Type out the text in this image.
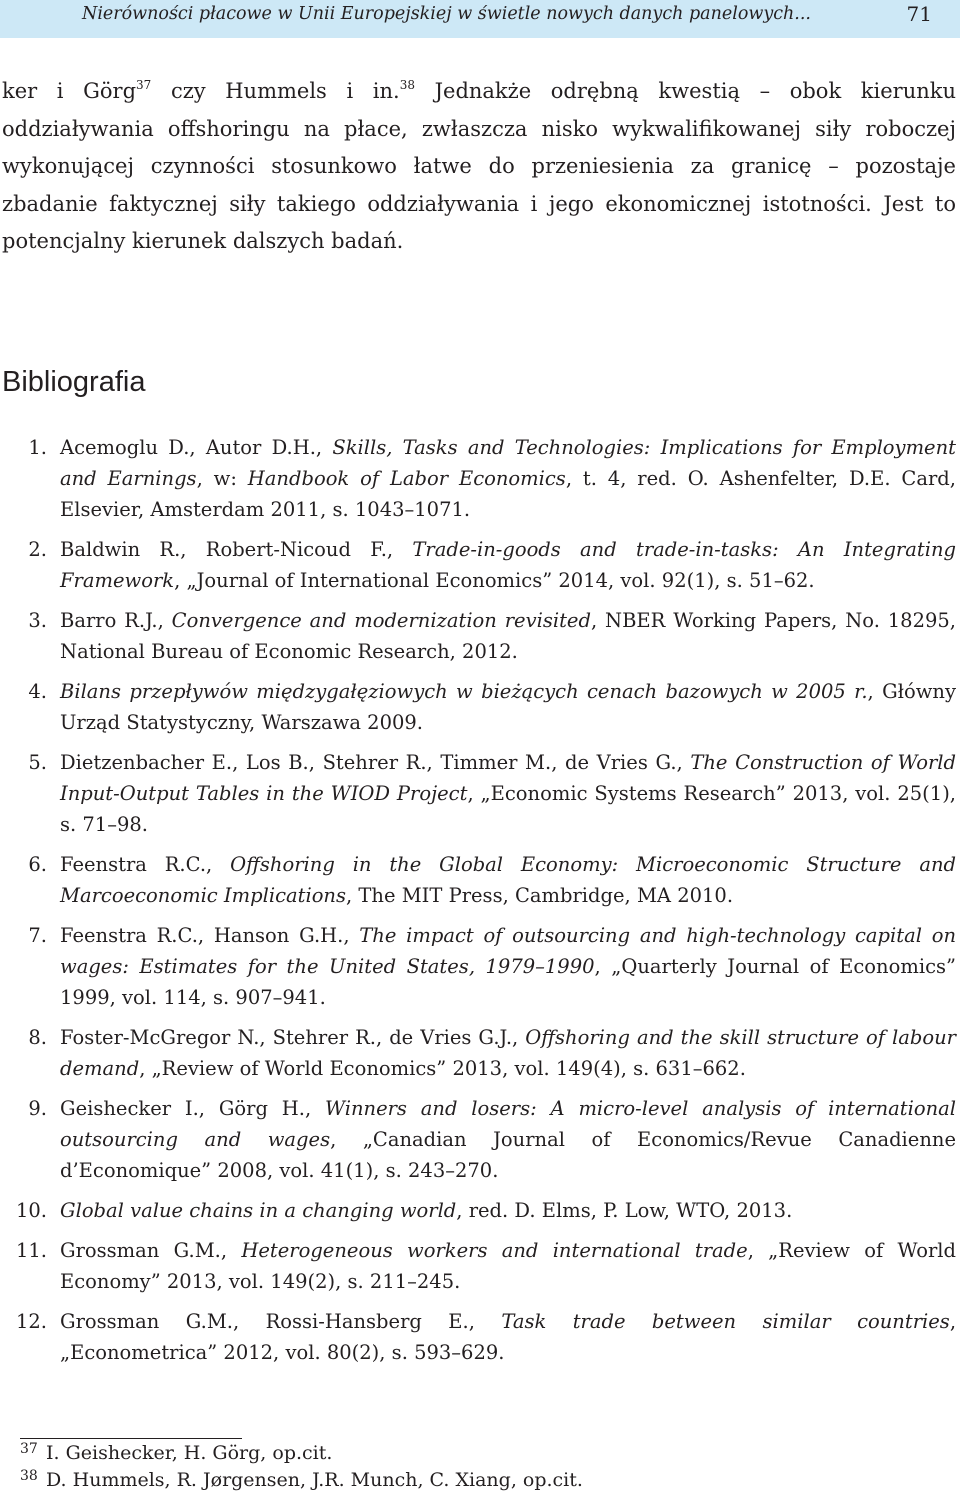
Nierówności płacowe w Unii Europejskiej w świetle nowych danych panelowych...	71

ker i Görg$^{37}$ czy Hummels i in.$^{38}$ Jednakże odrębną kwestią – obok kierunku oddziaływania offshoringu na płace, zwłaszcza nisko wykwalifikowanej siły roboczej wykonującej czynności stosunkowo łatwe do przeniesienia za granicę – pozostaje zbadanie faktycznej siły takiego oddziaływania i jego ekonomicznej istotności. Jest to potencjalny kierunek dalszych badań.

Bibliografia
1. Acemoglu D., Autor D.H., Skills, Tasks and Technologies: Implications for Employment and Earnings, w: Handbook of Labor Economics, t. 4, red. O. Ashenfelter, D.E. Card, Elsevier, Amsterdam 2011, s. 1043–1071.
2. Baldwin R., Robert-Nicoud F., Trade-in-goods and trade-in-tasks: An Integrating Framework, „Journal of International Economics” 2014, vol. 92(1), s. 51–62.
3. Barro R.J., Convergence and modernization revisited, NBER Working Papers, No. 18295, National Bureau of Economic Research, 2012.
4. Bilans przepływów międzygałęziowych w bieżących cenach bazowych w 2005 r., Główny Urząd Statystyczny, Warszawa 2009.
5. Dietzenbacher E., Los B., Stehrer R., Timmer M., de Vries G., The Construction of World Input-Output Tables in the WIOD Project, „Economic Systems Research” 2013, vol. 25(1), s. 71–98.
6. Feenstra R.C., Offshoring in the Global Economy: Microeconomic Structure and Marcoeconomic Implications, The MIT Press, Cambridge, MA 2010.
7. Feenstra R.C., Hanson G.H., The impact of outsourcing and high-technology capital on wages: Estimates for the United States, 1979–1990, „Quarterly Journal of Economics” 1999, vol. 114, s. 907–941.
8. Foster-McGregor N., Stehrer R., de Vries G.J., Offshoring and the skill structure of labour demand, „Review of World Economics” 2013, vol. 149(4), s. 631–662.
9. Geishecker I., Görg H., Winners and losers: A micro-level analysis of international outsourcing and wages, „Canadian Journal of Economics/Revue Canadienne d’Economique” 2008, vol. 41(1), s. 243–270.
10. Global value chains in a changing world, red. D. Elms, P. Low, WTO, 2013.
11. Grossman G.M., Heterogeneous workers and international trade, „Review of World Economy” 2013, vol. 149(2), s. 211–245.
12. Grossman G.M., Rossi-Hansberg E., Task trade between similar countries, „Econometrica” 2012, vol. 80(2), s. 593–629.
37 I. Geishecker, H. Görg, op.cit.
38 D. Hummels, R. Jørgensen, J.R. Munch, C. Xiang, op.cit.
